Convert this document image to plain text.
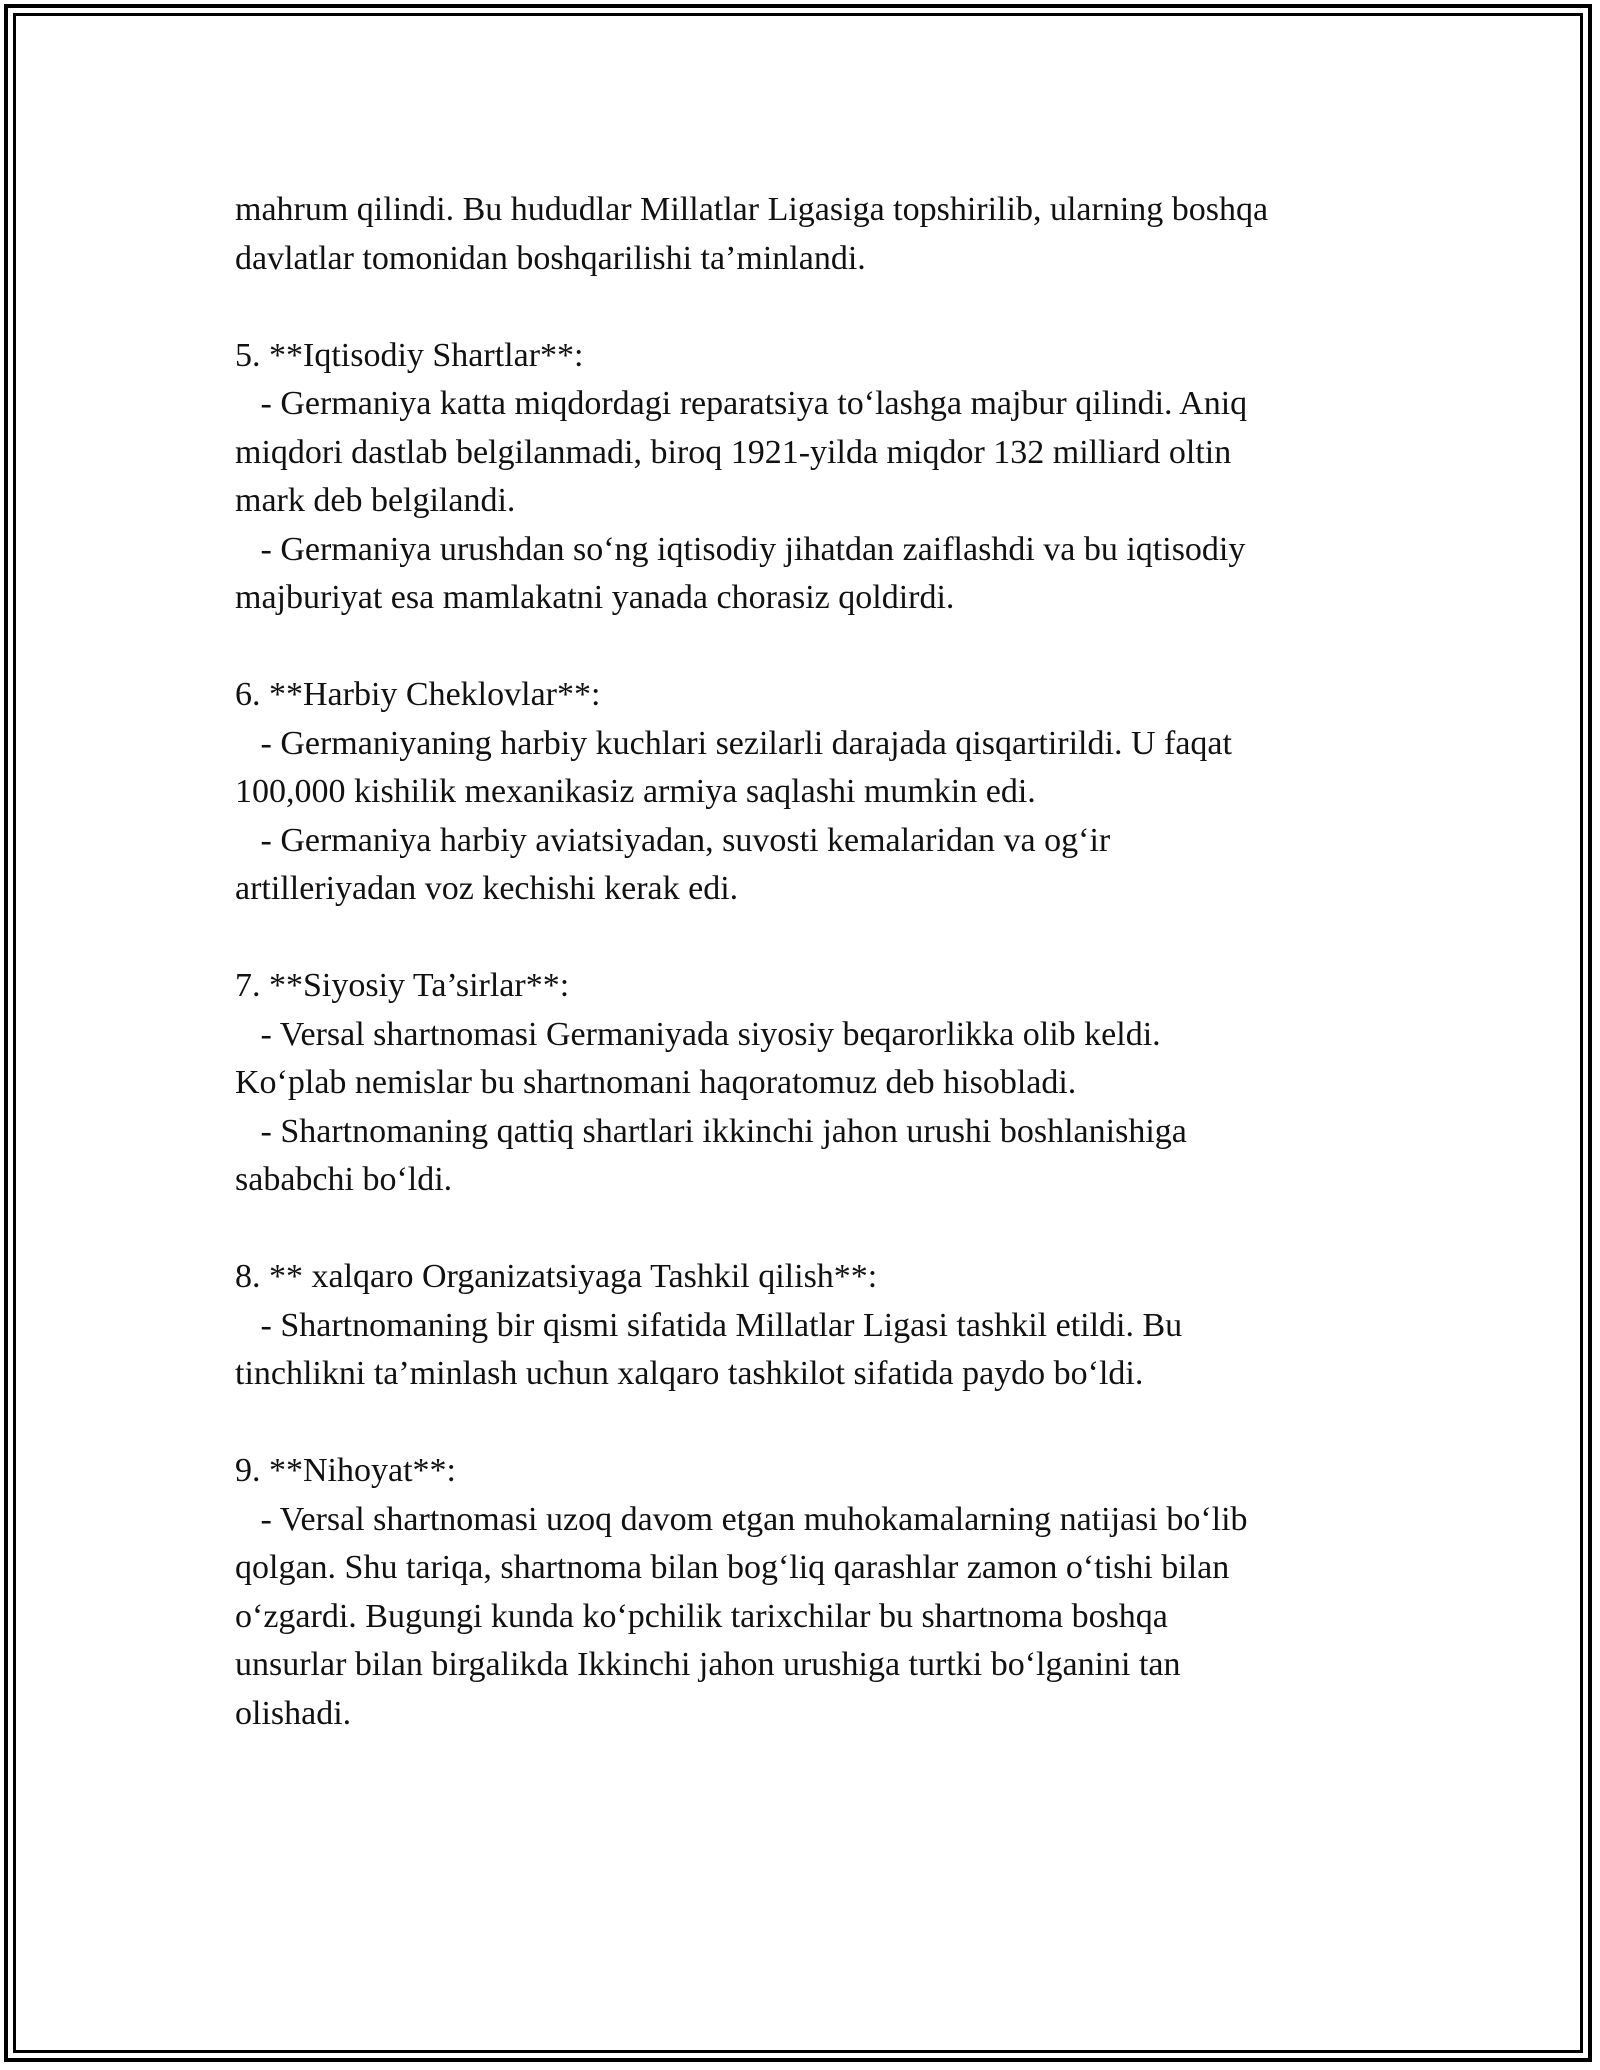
mahrum qilindi. Bu hududlar Millatlar Ligasiga topshirilib, ularning boshqa
davlatlar tomonidan boshqarilishi ta’minlandi.
5. **Iqtisodiy Shartlar**:
- Germaniya katta miqdordagi reparatsiya to‘lashga majbur qilindi. Aniq
miqdori dastlab belgilanmadi, biroq 1921-yilda miqdor 132 milliard oltin
mark deb belgilandi.
- Germaniya urushdan so‘ng iqtisodiy jihatdan zaiflashdi va bu iqtisodiy
majburiyat esa mamlakatni yanada chorasiz qoldirdi.
6. **Harbiy Cheklovlar**:
- Germaniyaning harbiy kuchlari sezilarli darajada qisqartirildi. U faqat
100,000 kishilik mexanikasiz armiya saqlashi mumkin edi.
- Germaniya harbiy aviatsiyadan, suvosti kemalaridan va og‘ir
artilleriyadan voz kechishi kerak edi.
7. **Siyosiy Ta’sirlar**:
- Versal shartnomasi Germaniyada siyosiy beqarorlikka olib keldi.
Ko‘plab nemislar bu shartnomani haqoratomuz deb hisobladi.
- Shartnomaning qattiq shartlari ikkinchi jahon urushi boshlanishiga
sababchi bo‘ldi.
8. ** xalqaro Organizatsiyaga Tashkil qilish**:
- Shartnomaning bir qismi sifatida Millatlar Ligasi tashkil etildi. Bu
tinchlikni ta’minlash uchun xalqaro tashkilot sifatida paydo bo‘ldi.
9. **Nihoyat**:
- Versal shartnomasi uzoq davom etgan muhokamalarning natijasi bo‘lib
qolgan. Shu tariqa, shartnoma bilan bog‘liq qarashlar zamon o‘tishi bilan
o‘zgardi. Bugungi kunda ko‘pchilik tarixchilar bu shartnoma boshqa
unsurlar bilan birgalikda Ikkinchi jahon urushiga turtki bo‘lganini tan
olishadi.
